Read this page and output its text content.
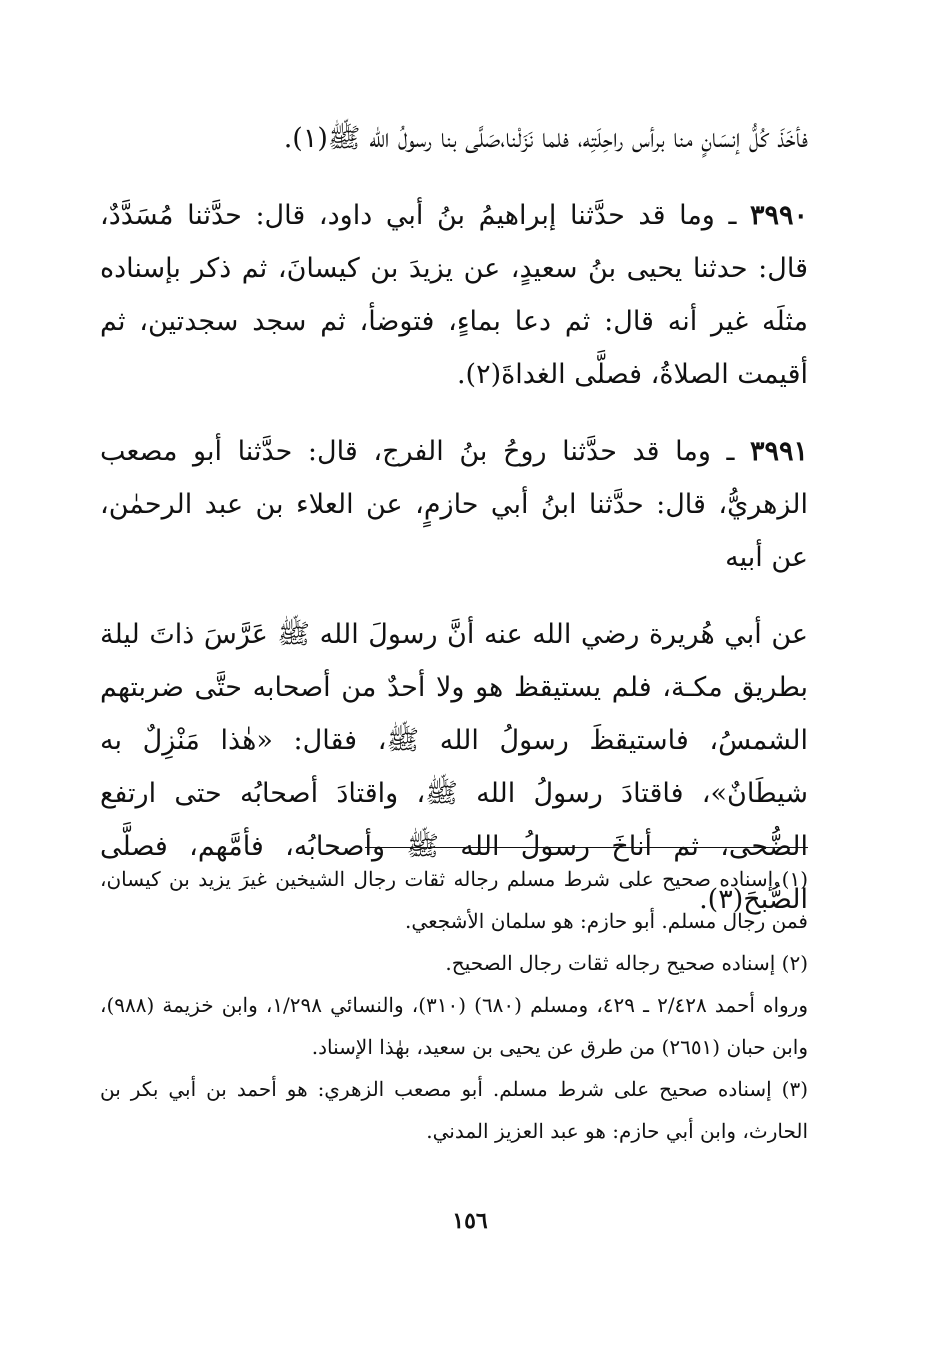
فأخَذَ كُلُّ إنسَانٍ منا برأس راحِلَتِه، فلما نَزَلْنا،صَلَّى بنا رسولُ الله ﷺ(١).

٣٩٩٠ ـ وما قد حدَّثنا إبراهيمُ بنُ أبي داود، قال: حدَّثنا مُسَدَّدٌ، قال: حدثنا يحيى بنُ سعيدٍ، عن يزيدَ بن كيسانَ، ثم ذكر بإسناده مثلَه غير أنه قال: ثم دعا بماءٍ، فتوضأ، ثم سجد سجدتين، ثم أقيمت الصلاةُ، فصلَّى الغداةَ(٢).

٣٩٩١ ـ وما قد حدَّثنا روحُ بنُ الفرج، قال: حدَّثنا أبو مصعب الزهريُّ، قال: حدَّثنا ابنُ أبي حازمٍ، عن العلاء بن عبد الرحمٰن، عن أبيه

عن أبي هُريرة رضي الله عنه أنَّ رسولَ الله ﷺ عَرَّسَ ذاتَ ليلة بطريق مكـة، فلم يستيقظ هو ولا أحدٌ من أصحابه حتَّى ضربتهم الشمسُ، فاستيقظَ رسولُ الله ﷺ، فقال: «هٰذا مَنْزِلٌ به شيطَانٌ»، فاقتادَ رسولُ الله ﷺ، واقتادَ أصحابُه حتى ارتفع الضُّحى، ثم أناخَ رسولُ الله ﷺ وأصحابُه، فأمَّهم، فصلَّى الصُّبحَ(٣).

(١) إسناده صحيح على شرط مسلم رجاله ثقات رجال الشيخين غيرَ يزيد بن كيسان، فمن رجال مسلم. أبو حازم: هو سلمان الأشجعي.

(٢) إسناده صحيح رجاله ثقات رجال الصحيح.

ورواه أحمد ٢/٤٢٨ ـ ٤٢٩، ومسلم (٦٨٠) (٣١٠)، والنسائي ١/٢٩٨، وابن خزيمة (٩٨٨)، وابن حبان (٢٦٥١) من طرق عن يحيى بن سعيد، بهٰذا الإسناد.

(٣) إسناده صحيح على شرط مسلم. أبو مصعب الزهري: هو أحمد بن أبي بكر بن الحارث، وابن أبي حازم: هو عبد العزيز المدني.

١٥٦
